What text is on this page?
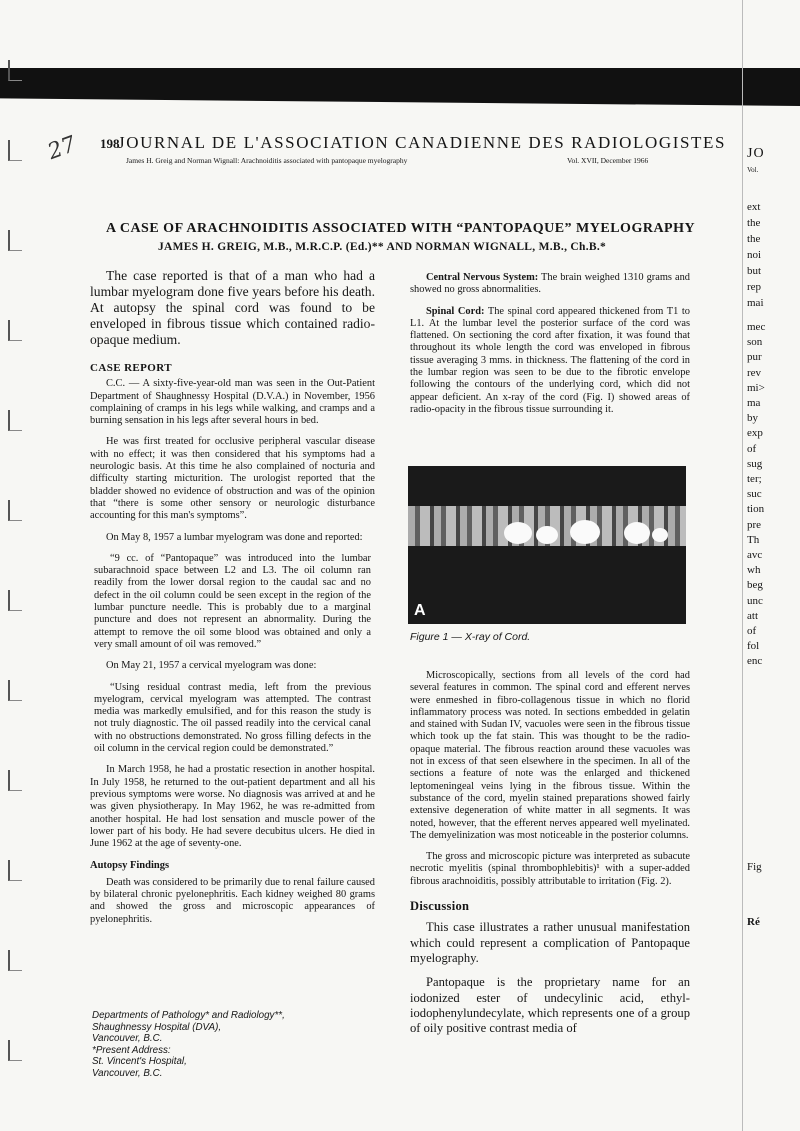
27 198
JOURNAL DE L'ASSOCIATION CANADIENNE DES RADIOLOGISTES
James H. Greig and Norman Wignall: Arachnoiditis associated with pantopaque myelography	Vol. XVII, December 1966
A CASE OF ARACHNOIDITIS ASSOCIATED WITH “PANTOPAQUE” MYELOGRAPHY
JAMES H. GREIG, M.B., M.R.C.P. (Ed.)** AND NORMAN WIGNALL, M.B., Ch.B.*

The case reported is that of a man who had a lumbar myelogram done five years before his death. At autopsy the spinal cord was found to be enveloped in fibrous tissue which contained radio-opaque medium.

CASE REPORT

C.C. — A sixty-five-year-old man was seen in the Out-Patient Department of Shaughnessy Hospital (D.V.A.) in November, 1956 complaining of cramps in his legs while walking, and cramps and a burning sensation in his legs after several hours in bed.

He was first treated for occlusive peripheral vascular disease with no effect; it was then considered that his symptoms had a neurologic basis. At this time he also complained of nocturia and difficulty starting micturition. The urologist reported that the bladder showed no evidence of obstruction and was of the opinion that “there is some other sensory or neurologic disturbance accounting for this man's symptoms”.

On May 8, 1957 a lumbar myelogram was done and reported:

“9 cc. of “Pantopaque” was introduced into the lumbar subarachnoid space between L2 and L3. The oil column ran readily from the lower dorsal region to the caudal sac and no defect in the oil column could be seen except in the region of the lumbar puncture needle. This is probably due to a marginal puncture and does not represent an abnormality. During the attempt to remove the oil some blood was obtained and only a very small amount of oil was removed.”

On May 21, 1957 a cervical myelogram was done:

“Using residual contrast media, left from the previous myelogram, cervical myelogram was attempted. The contrast media was markedly emulsified, and for this reason the study is not truly diagnostic. The oil passed readily into the cervical canal with no obstructions demonstrated. No gross filling defects in the oil column in the cervical region could be demonstrated.”

In March 1958, he had a prostatic resection in another hospital. In July 1958, he returned to the out-patient department and all his previous symptoms were worse. No diagnosis was arrived at and he was given physiotherapy. In May 1962, he was re-admitted from another hospital. He had lost sensation and muscle power of the lower part of his body. He had severe decubitus ulcers. He died in June 1962 at the age of seventy-one.

Autopsy Findings

Death was considered to be primarily due to renal failure caused by bilateral chronic pyelonephritis. Each kidney weighed 80 grams and showed the gross and microscopic appearances of pyelonephritis.

Departments of Pathology* and Radiology**,
Shaughnessy Hospital (DVA),
Vancouver, B.C.
*Present Address:
St. Vincent's Hospital,
Vancouver, B.C.

Central Nervous System: The brain weighed 1310 grams and showed no gross abnormalities.

Spinal Cord: The spinal cord appeared thickened from T1 to L1. At the lumbar level the posterior surface of the cord was flattened. On sectioning the cord after fixation, it was found that throughout its whole length the cord was enveloped in fibrous tissue averaging 3 mms. in thickness. The flattening of the cord in the lumbar region was seen to be due to the fibrotic envelope following the contours of the underlying cord, which did not appear deficient. An x-ray of the cord (Fig. I) showed areas of radio-opacity in the fibrous tissue surrounding it.

A
Figure 1 — X-ray of Cord.

Microscopically, sections from all levels of the cord had several features in common. The spinal cord and efferent nerves were enmeshed in fibro-collagenous tissue in which no florid inflammatory process was noted. In sections embedded in gelatin and stained with Sudan IV, vacuoles were seen in the fibrous tissue which took up the fat stain. This was thought to be the radio-opaque material. The fibrous reaction around these vacuoles was not in excess of that seen elsewhere in the specimen. In all of the sections a feature of note was the enlarged and thickened leptomeningeal veins lying in the fibrous tissue. Within the substance of the cord, myelin stained preparations showed fairly extensive degeneration of white matter in all segments. It was noted, however, that the efferent nerves appeared well myelinated. The demyelinization was most noticeable in the posterior columns.

The gross and microscopic picture was interpreted as subacute necrotic myelitis (spinal thrombophlebitis)¹ with a super-added fibrous arachnoiditis, possibly attributable to irritation (Fig. 2).

Discussion

This case illustrates a rather unusual manifestation which could represent a complication of Pantopaque myelography.

Pantopaque is the proprietary name for an iodonized ester of undecylinic acid, ethyl-iodophenylundecylate, which represents one of a group of oily positive contrast media of

JO
Vol.
ext
the
the
noi
but
rep
mai
mec
son
pur
rev
mi>
ma
by
exp
of
sug
ter;
suc
tion
pre
Th
avc
wh
beg
unc
att
of
fol
enc
Fig
Ré
